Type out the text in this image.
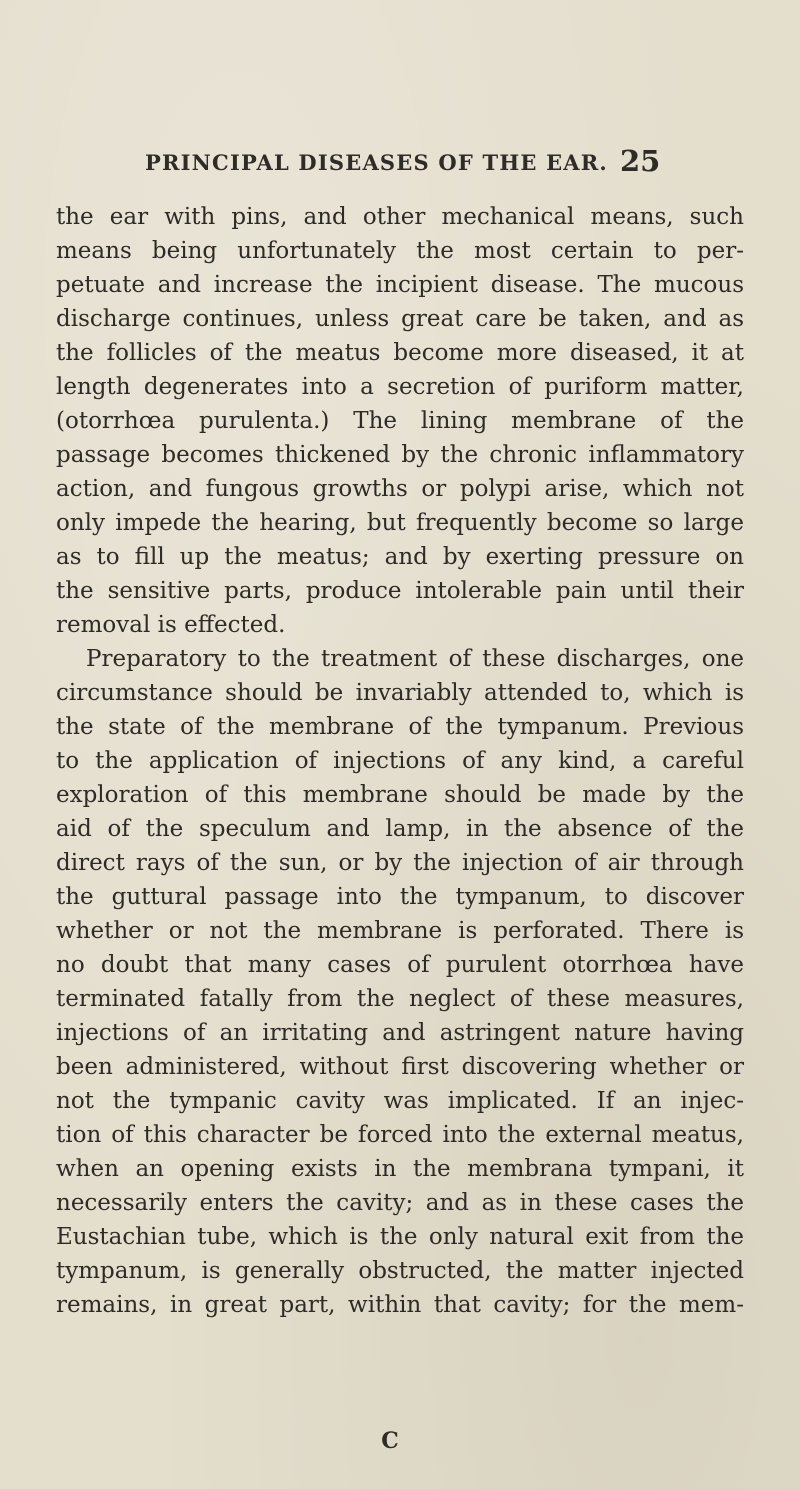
PRINCIPAL DISEASES OF THE EAR. 25
the ear with pins, and other mechanical means, such
means being unfortunately the most certain to per-
petuate and increase the incipient disease. The mucous
discharge continues, unless great care be taken, and as
the follicles of the meatus become more diseased, it at
length degenerates into a secretion of puriform matter,
(otorrhœa purulenta.) The lining membrane of the
passage becomes thickened by the chronic inflammatory
action, and fungous growths or polypi arise, which not
only impede the hearing, but frequently become so large
as to fill up the meatus; and by exerting pressure on
the sensitive parts, produce intolerable pain until their
removal is effected.
Preparatory to the treatment of these discharges, one
circumstance should be invariably attended to, which is
the state of the membrane of the tympanum. Previous
to the application of injections of any kind, a careful
exploration of this membrane should be made by the
aid of the speculum and lamp, in the absence of the
direct rays of the sun, or by the injection of air through
the guttural passage into the tympanum, to discover
whether or not the membrane is perforated. There is
no doubt that many cases of purulent otorrhœa have
terminated fatally from the neglect of these measures,
injections of an irritating and astringent nature having
been administered, without first discovering whether or
not the tympanic cavity was implicated. If an injec-
tion of this character be forced into the external meatus,
when an opening exists in the membrana tympani, it
necessarily enters the cavity; and as in these cases the
Eustachian tube, which is the only natural exit from the
tympanum, is generally obstructed, the matter injected
remains, in great part, within that cavity; for the mem-
C
